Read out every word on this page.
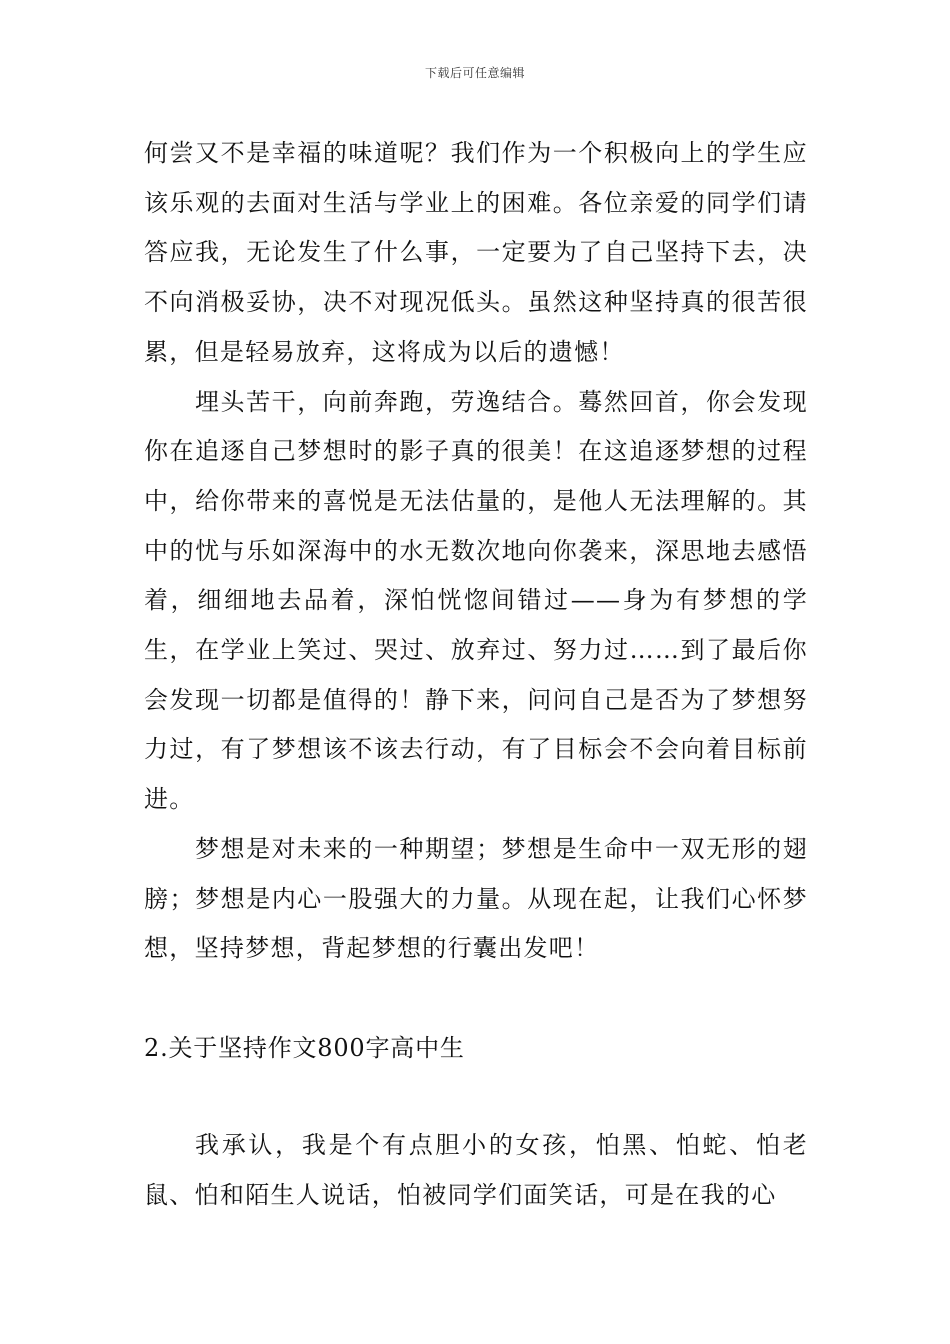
下载后可任意编辑

何尝又不是幸福的味道呢？我们作为一个积极向上的学生应该乐观的去面对生活与学业上的困难。各位亲爱的同学们请答应我，无论发生了什么事，一定要为了自己坚持下去，决不向消极妥协，决不对现况低头。虽然这种坚持真的很苦很累，但是轻易放弃，这将成为以后的遗憾！

埋头苦干，向前奔跑，劳逸结合。蓦然回首，你会发现你在追逐自己梦想时的影子真的很美！在这追逐梦想的过程中，给你带来的喜悦是无法估量的，是他人无法理解的。其中的忧与乐如深海中的水无数次地向你袭来，深思地去感悟着，细细地去品着，深怕恍惚间错过——身为有梦想的学生，在学业上笑过、哭过、放弃过、努力过……到了最后你会发现一切都是值得的！静下来，问问自己是否为了梦想努力过，有了梦想该不该去行动，有了目标会不会向着目标前进。

梦想是对未来的一种期望；梦想是生命中一双无形的翅膀；梦想是内心一股强大的力量。从现在起，让我们心怀梦想，坚持梦想，背起梦想的行囊出发吧！

2.关于坚持作文800字高中生

我承认，我是个有点胆小的女孩，怕黑、怕蛇、怕老鼠、怕和陌生人说话，怕被同学们面笑话，可是在我的心
